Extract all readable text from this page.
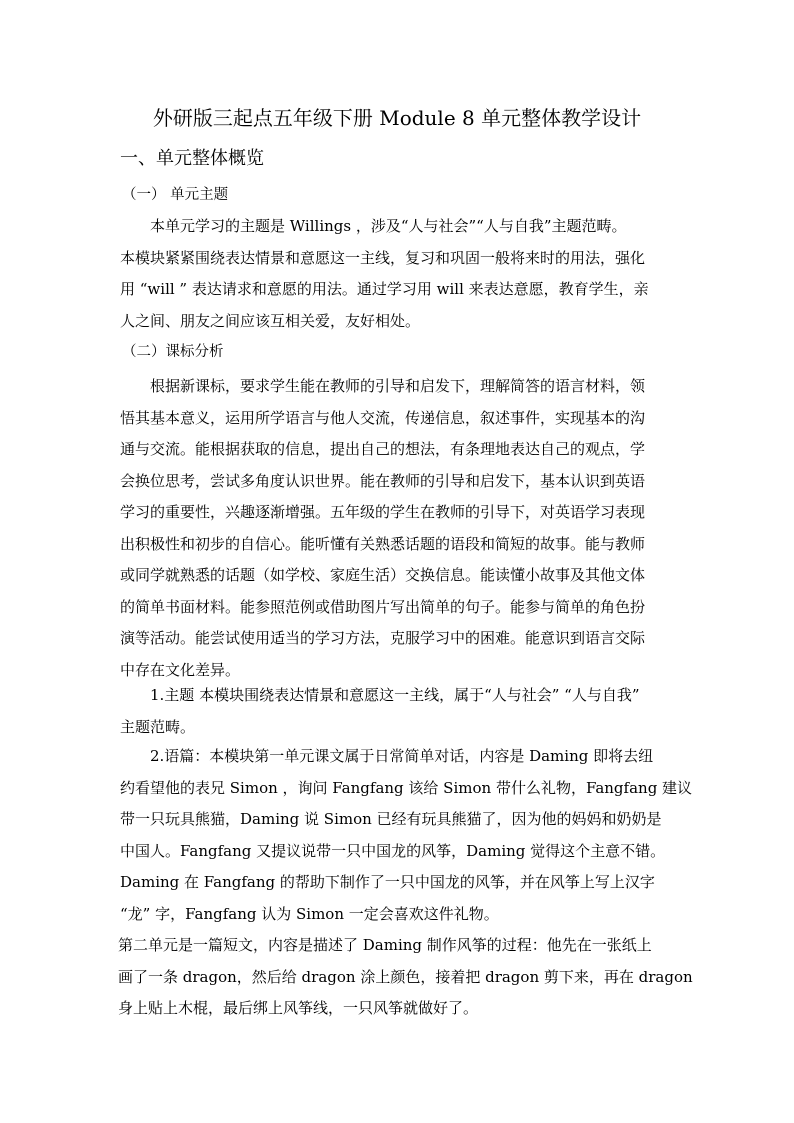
外研版三起点五年级下册 Module 8 单元整体教学设计
一、单元整体概览
（一） 单元主题
本单元学习的主题是 Willings ，涉及“人与社会”“人与自我”主题范畴。
本模块紧紧围绕表达情景和意愿这一主线，复习和巩固一般将来时的用法，强化
用 “will ” 表达请求和意愿的用法。通过学习用 will 来表达意愿，教育学生，亲
人之间、朋友之间应该互相关爱，友好相处。
（二）课标分析
根据新课标，要求学生能在教师的引导和启发下，理解简答的语言材料，领
悟其基本意义，运用所学语言与他人交流，传递信息，叙述事件，实现基本的沟
通与交流。能根据获取的信息，提出自己的想法，有条理地表达自己的观点，学
会换位思考，尝试多角度认识世界。能在教师的引导和启发下，基本认识到英语
学习的重要性，兴趣逐渐增强。五年级的学生在教师的引导下，对英语学习表现
出积极性和初步的自信心。能听懂有关熟悉话题的语段和简短的故事。能与教师
或同学就熟悉的话题（如学校、家庭生活）交换信息。能读懂小故事及其他文体
的简单书面材料。能参照范例或借助图片写出简单的句子。能参与简单的角色扮
演等活动。能尝试使用适当的学习方法，克服学习中的困难。能意识到语言交际
中存在文化差异。
1.主题 本模块围绕表达情景和意愿这一主线，属于“人与社会” “人与自我”
主题范畴。
2.语篇：本模块第一单元课文属于日常简单对话，内容是 Daming 即将去纽
约看望他的表兄 Simon ，询问 Fangfang 该给 Simon 带什么礼物，Fangfang 建议
带一只玩具熊猫，Daming 说 Simon 已经有玩具熊猫了，因为他的妈妈和奶奶是
中国人。Fangfang 又提议说带一只中国龙的风筝，Daming 觉得这个主意不错。
Daming 在 Fangfang 的帮助下制作了一只中国龙的风筝，并在风筝上写上汉字
“龙” 字，Fangfang 认为 Simon 一定会喜欢这件礼物。
第二单元是一篇短文，内容是描述了 Daming 制作风筝的过程：他先在一张纸上
画了一条 dragon，然后给 dragon 涂上颜色，接着把 dragon 剪下来，再在 dragon
身上贴上木棍，最后绑上风筝线，一只风筝就做好了。
